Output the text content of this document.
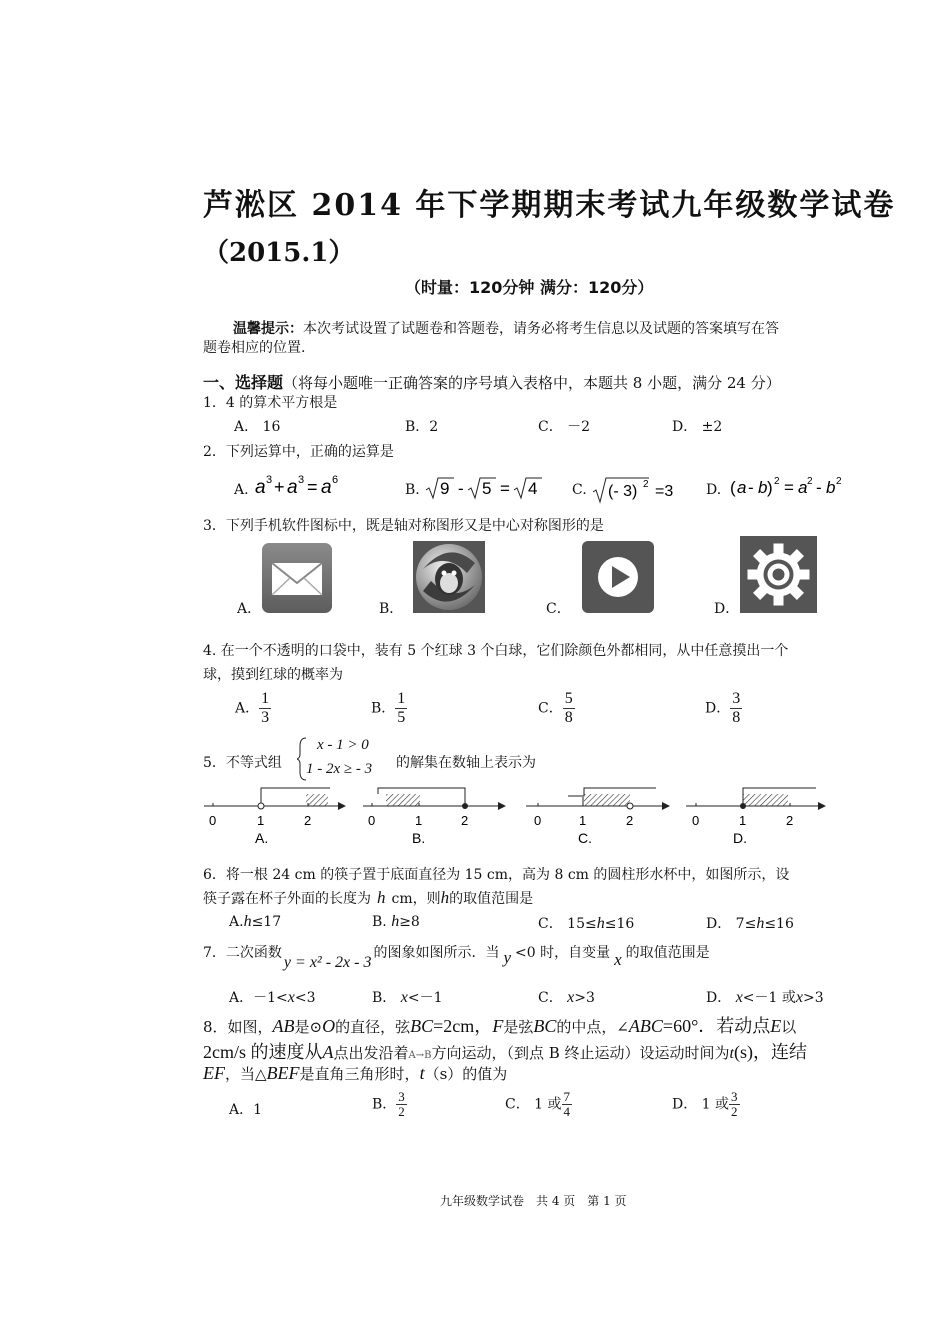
芦淞区 2014 年下学期期末考试九年级数学试卷
（2015.1）
（时量：120分钟 满分：120分）
温馨提示：本次考试设置了试题卷和答题卷，请务必将考生信息以及试题的答案填写在答
题卷相应的位置.
一、选择题（将每小题唯一正确答案的序号填入表格中，本题共 8 小题，满分 24 分）
1．4 的算术平方根是
A． 16	B．2	C． －2	D． ±2
2．下列运算中，正确的运算是
A. a 3 + a 3 = a 6
B. 9 - 5 = 4 C. (- 3) 2 =3 D. ( a - b ) 2 = a 2 - b 2
3．下列手机软件图标中，既是轴对称图形又是中心对称图形的是
A．	B．	C．	D．
4. 在一个不透明的口袋中，装有 5 个红球 3 个白球，它们除颜色外都相同，从中任意摸出一个
球，摸到红球的概率为
A． $\frac{1}{3}$	B． $\frac{1}{5}$	C． $\frac{5}{8}$	D． $\frac{3}{8}$
5．不等式组
x - 1 > 0
1 - 2x ≥ - 3 的解集在数轴上表示为
0	1	2
A.
0	1	2
B.
0	1	2
C.
0	1	2
D.
6．将一根 24 cm 的筷子置于底面直径为 15 cm，高为 8 cm 的圆柱形水杯中，如图所示，设
筷子露在杯子外面的长度为 h cm，则h的取值范围是
A.h≤17	B. h≥8	C． 15≤h≤16	D． 7≤h≤16
7．二次函数y = x² - 2x - 3的图象如图所示．当 y <0 时，自变量 x 的取值范围是
A．－1<x<3	B． x<－1	C． x>3	D． x<－1 或x>3
8．如图，AB是⊙O的直径，弦BC=2cm，F是弦BC的中点，∠ABC=60°．若动点E以
2cm/s 的速度从A点出发沿着A→B方向运动，（到点 B 终止运动）设运动时间为t(s)，连结
EF，当△BEF是直角三角形时，t（s）的值为
A．1	B． $\frac{3}{2}$	C． 1 或 $\frac{7}{4}$	D． 1 或 $\frac{3}{2}$
九年级数学试卷　共 4 页　第 1 页
